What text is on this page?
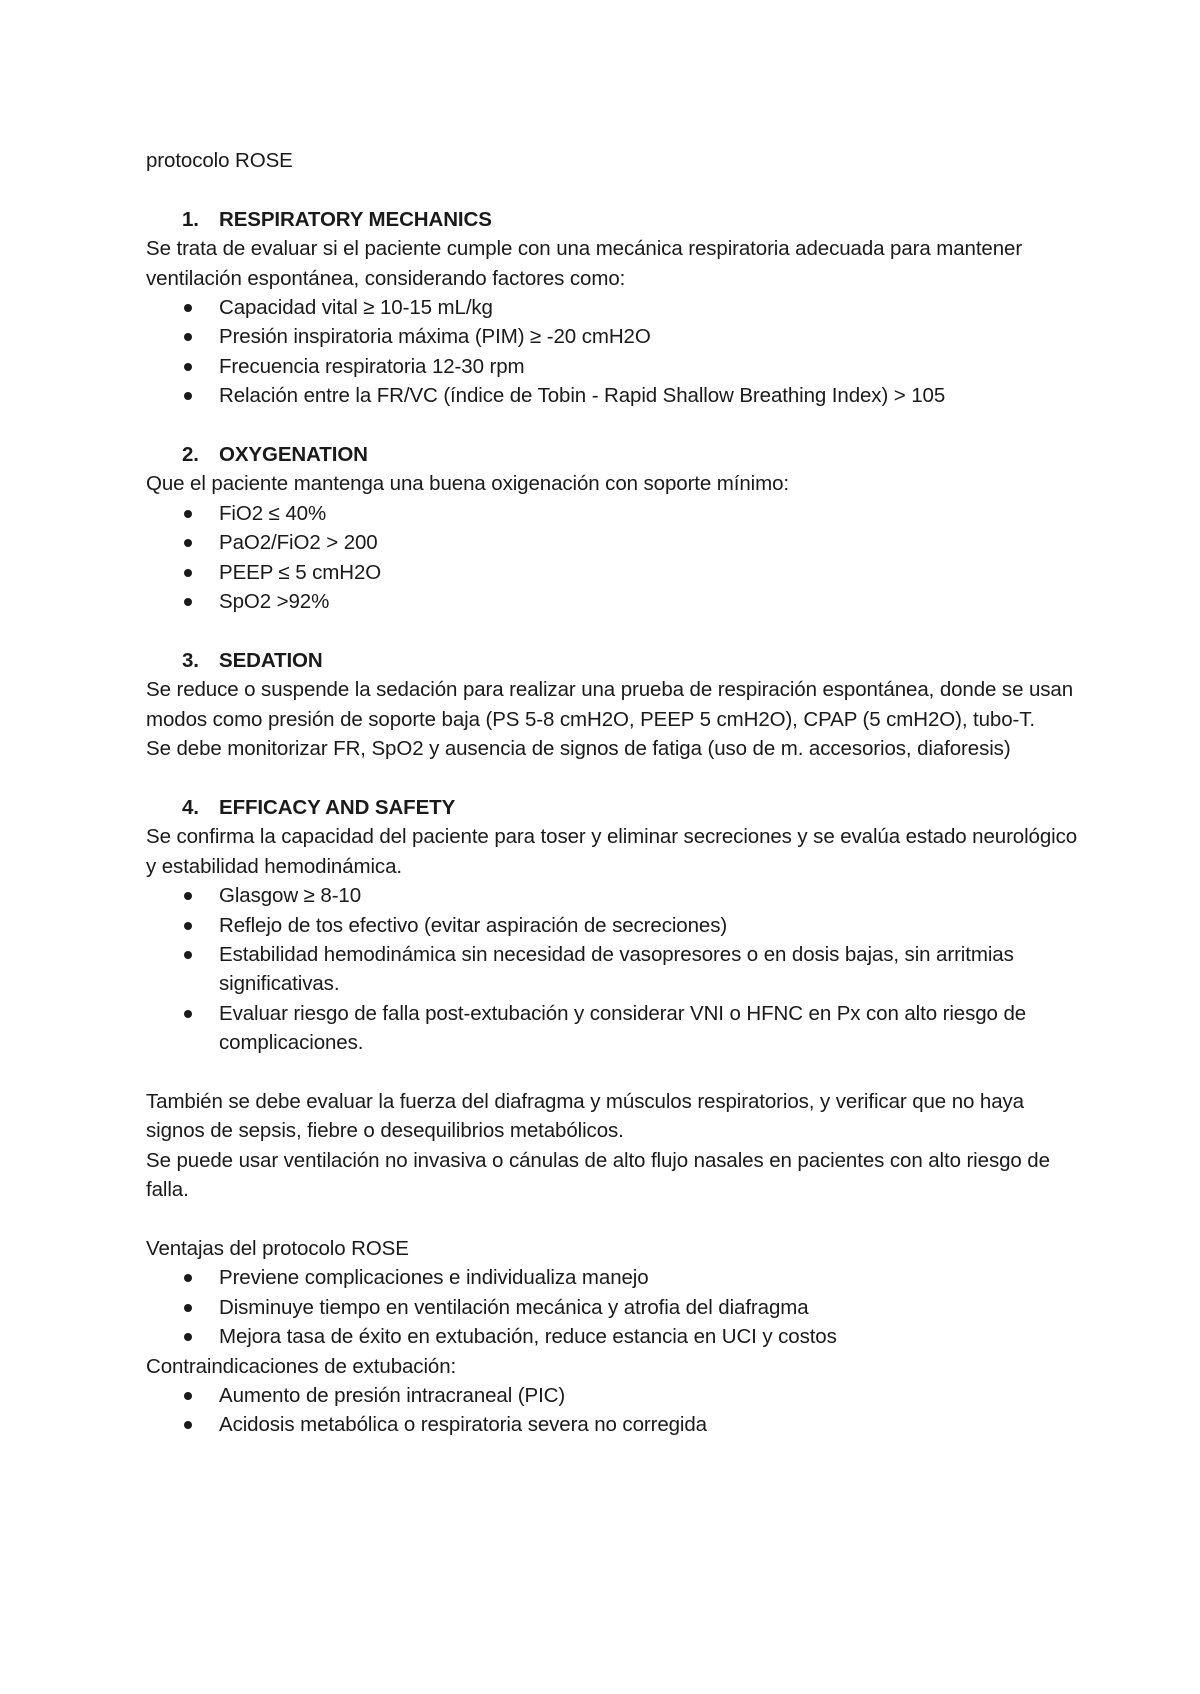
protocolo ROSE

1. RESPIRATORY MECHANICS

Se trata de evaluar si el paciente cumple con una mecánica respiratoria adecuada para mantener ventilación espontánea, considerando factores como:

Capacidad vital ≥ 10-15 mL/kg
Presión inspiratoria máxima (PIM) ≥ -20 cmH2O
Frecuencia respiratoria 12-30 rpm
Relación entre la FR/VC (índice de Tobin - Rapid Shallow Breathing Index) > 105

2. OXYGENATION

Que el paciente mantenga una buena oxigenación con soporte mínimo:

FiO2 ≤ 40%
PaO2/FiO2 > 200
PEEP ≤ 5 cmH2O
SpO2 >92%

3. SEDATION

Se reduce o suspende la sedación para realizar una prueba de respiración espontánea, donde se usan modos como presión de soporte baja (PS 5-8 cmH2O, PEEP 5 cmH2O), CPAP (5 cmH2O), tubo-T.

Se debe monitorizar FR, SpO2 y ausencia de signos de fatiga (uso de m. accesorios, diaforesis)

4. EFFICACY AND SAFETY

Se confirma la capacidad del paciente para toser y eliminar secreciones y se evalúa estado neurológico y estabilidad hemodinámica.

Glasgow ≥ 8-10
Reflejo de tos efectivo (evitar aspiración de secreciones)
Estabilidad hemodinámica sin necesidad de vasopresores o en dosis bajas, sin arritmias significativas.
Evaluar riesgo de falla post-extubación y considerar VNI o HFNC en Px con alto riesgo de complicaciones.

También se debe evaluar la fuerza del diafragma y músculos respiratorios, y verificar que no haya signos de sepsis, fiebre o desequilibrios metabólicos.

Se puede usar ventilación no invasiva o cánulas de alto flujo nasales en pacientes con alto riesgo de falla.

Ventajas del protocolo ROSE

Previene complicaciones e individualiza manejo
Disminuye tiempo en ventilación mecánica y atrofia del diafragma
Mejora tasa de éxito en extubación, reduce estancia en UCI y costos

Contraindicaciones de extubación:

Aumento de presión intracraneal (PIC)
Acidosis metabólica o respiratoria severa no corregida
